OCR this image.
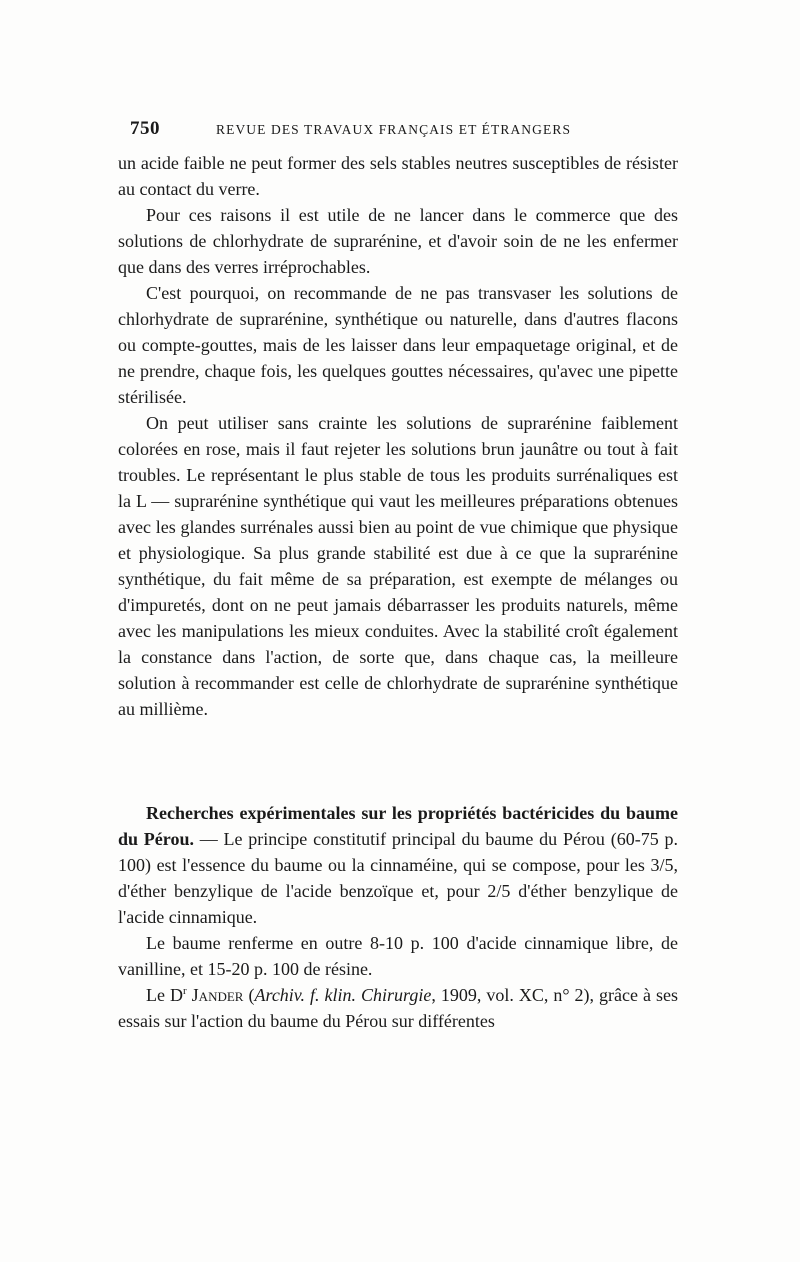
750	REVUE DES TRAVAUX FRANÇAIS ET ÉTRANGERS

un acide faible ne peut former des sels stables neutres susceptibles de résister au contact du verre.

Pour ces raisons il est utile de ne lancer dans le commerce que des solutions de chlorhydrate de suprarénine, et d'avoir soin de ne les enfermer que dans des verres irréprochables.

C'est pourquoi, on recommande de ne pas transvaser les solutions de chlorhydrate de suprarénine, synthétique ou naturelle, dans d'autres flacons ou compte-gouttes, mais de les laisser dans leur empaquetage original, et de ne prendre, chaque fois, les quelques gouttes nécessaires, qu'avec une pipette stérilisée.

On peut utiliser sans crainte les solutions de suprarénine faiblement colorées en rose, mais il faut rejeter les solutions brun jaunâtre ou tout à fait troubles. Le représentant le plus stable de tous les produits surrénaliques est la L — suprarénine synthétique qui vaut les meilleures préparations obtenues avec les glandes surrénales aussi bien au point de vue chimique que physique et physiologique. Sa plus grande stabilité est due à ce que la suprarénine synthétique, du fait même de sa préparation, est exempte de mélanges ou d'impuretés, dont on ne peut jamais débarrasser les produits naturels, même avec les manipulations les mieux conduites. Avec la stabilité croît également la constance dans l'action, de sorte que, dans chaque cas, la meilleure solution à recommander est celle de chlorhydrate de suprarénine synthétique au millième.

Recherches expérimentales sur les propriétés bactéricides du baume du Pérou. — Le principe constitutif principal du baume du Pérou (60-75 p. 100) est l'essence du baume ou la cinnaméine, qui se compose, pour les 3/5, d'éther benzylique de l'acide benzoïque et, pour 2/5 d'éther benzylique de l'acide cinnamique.

Le baume renferme en outre 8-10 p. 100 d'acide cinnamique libre, de vanilline, et 15-20 p. 100 de résine.

Le $D^r$ Jander (Archiv. f. klin. Chirurgie, 1909, vol. XC, n° 2), grâce à ses essais sur l'action du baume du Pérou sur différentes
